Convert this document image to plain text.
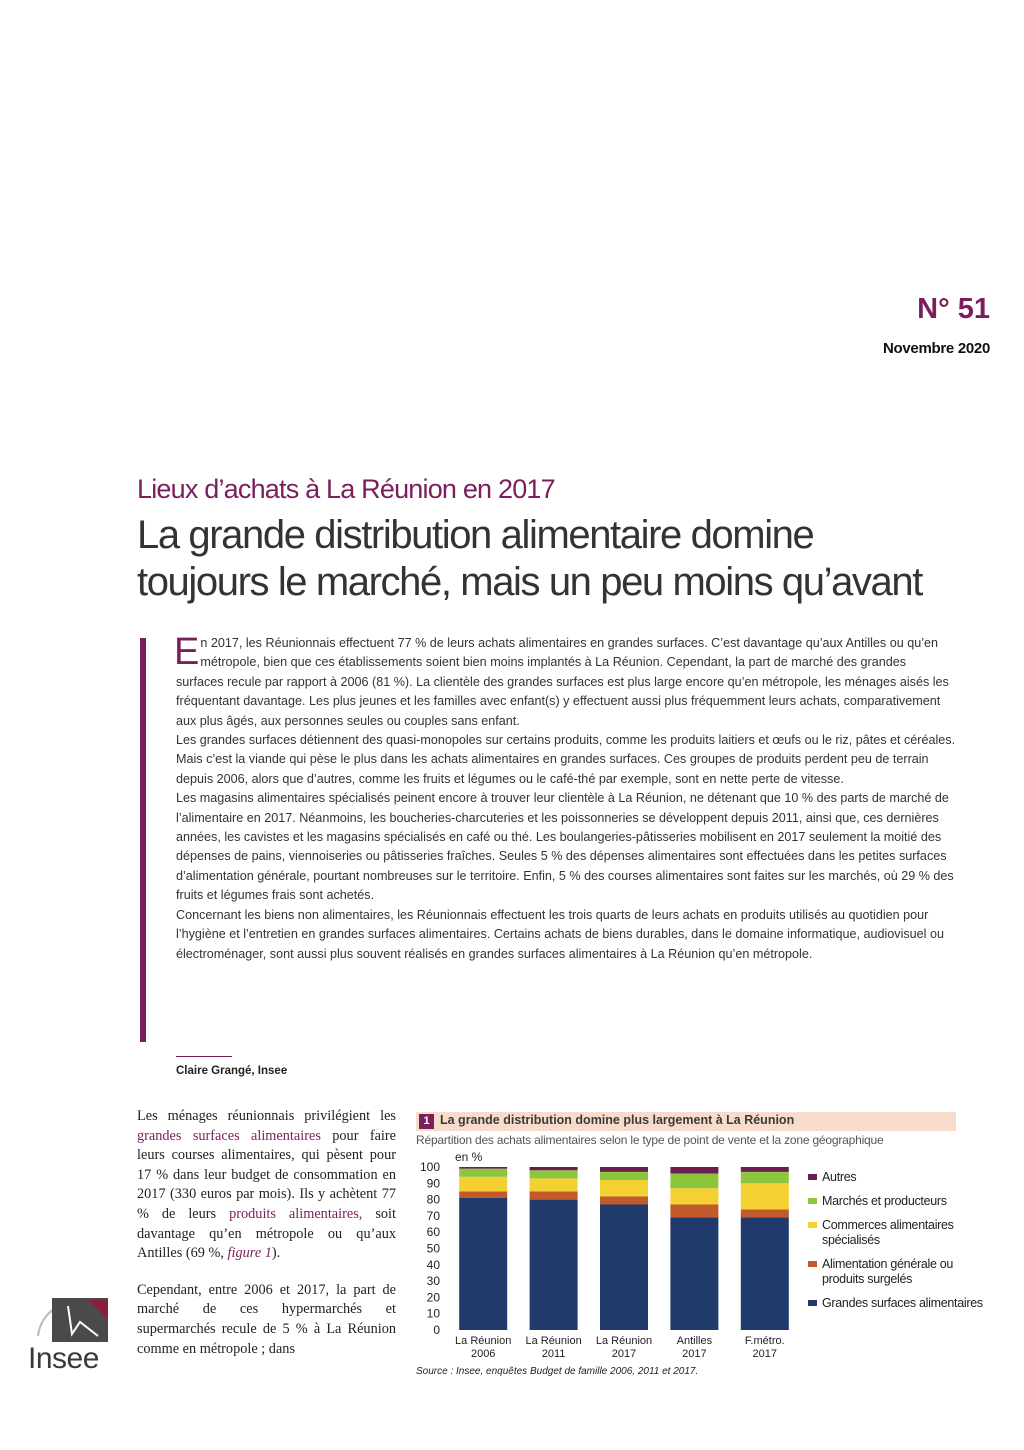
N° 51
Novembre 2020
Lieux d’achats à La Réunion en 2017
La grande distribution alimentaire domine toujours le marché, mais un peu moins qu’avant

En 2017, les Réunionnais effectuent 77 % de leurs achats alimentaires en grandes surfaces. C’est davantage qu’aux Antilles ou qu’en métropole, bien que ces établissements soient bien moins implantés à La Réunion. Cependant, la part de marché des grandes surfaces recule par rapport à 2006 (81 %). La clientèle des grandes surfaces est plus large encore qu’en métropole, les ménages aisés les fréquentant davantage. Les plus jeunes et les familles avec enfant(s) y effectuent aussi plus fréquemment leurs achats, comparativement aux plus âgés, aux personnes seules ou couples sans enfant.

Les grandes surfaces détiennent des quasi-monopoles sur certains produits, comme les produits laitiers et œufs ou le riz, pâtes et céréales. Mais c’est la viande qui pèse le plus dans les achats alimentaires en grandes surfaces. Ces groupes de produits perdent peu de terrain depuis 2006, alors que d’autres, comme les fruits et légumes ou le café-thé par exemple, sont en nette perte de vitesse.

Les magasins alimentaires spécialisés peinent encore à trouver leur clientèle à La Réunion, ne détenant que 10 % des parts de marché de l’alimentaire en 2017. Néanmoins, les boucheries-charcuteries et les poissonneries se développent depuis 2011, ainsi que, ces dernières années, les cavistes et les magasins spécialisés en café ou thé. Les boulangeries-pâtisseries mobilisent en 2017 seulement la moitié des dépenses de pains, viennoiseries ou pâtisseries fraîches. Seules 5 % des dépenses alimentaires sont effectuées dans les petites surfaces d’alimentation générale, pourtant nombreuses sur le territoire. Enfin, 5 % des courses alimentaires sont faites sur les marchés, où 29 % des fruits et légumes frais sont achetés.

Concernant les biens non alimentaires, les Réunionnais effectuent les trois quarts de leurs achats en produits utilisés au quotidien pour l’hygiène et l’entretien en grandes surfaces alimentaires. Certains achats de biens durables, dans le domaine informatique, audiovisuel ou électroménager, sont aussi plus souvent réalisés en grandes surfaces alimentaires à La Réunion qu’en métropole.

Claire Grangé, Insee

Les ménages réunionnais privilégient les grandes surfaces alimentaires pour faire leurs courses alimentaires, qui pèsent pour 17 % dans leur budget de consommation en 2017 (330 euros par mois). Ils y achètent 77 % de leurs produits alimentaires, soit davantage qu’en métropole ou qu’aux Antilles (69 %, figure 1).

Cependant, entre 2006 et 2017, la part de marché de ces hypermarchés et supermarchés recule de 5 % à La Réunion comme en métropole ; dans

1 La grande distribution domine plus largement à La Réunion
Répartition des achats alimentaires selon le type de point de vente et la zone géographique
en %
0
10
20
30
40
50
60
70
80
90
100
La Réunion
2006
La Réunion
2011
La Réunion
2017
Antilles
2017
F.métro.
2017
Autres
Marchés et producteurs
Commerces alimentaires spécialisés
Alimentation générale ou produits surgelés
Grandes surfaces alimentaires
Source : Insee, enquêtes Budget de famille 2006, 2011 et 2017.
Insee
